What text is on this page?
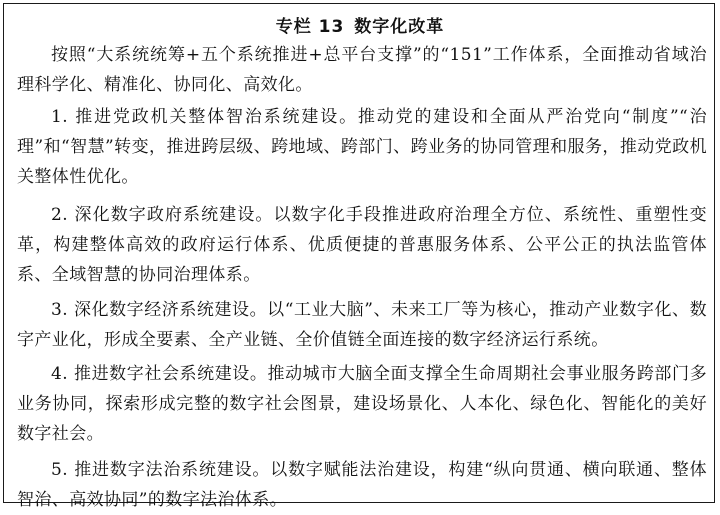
专栏 13 数字化改革

按照“大系统统筹+五个系统推进+总平台支撑”的“151”工作体系，全面推动省域治理科学化、精准化、协同化、高效化。

1. 推进党政机关整体智治系统建设。推动党的建设和全面从严治党向“制度”“治理”和“智慧”转变，推进跨层级、跨地域、跨部门、跨业务的协同管理和服务，推动党政机关整体性优化。

2. 深化数字政府系统建设。以数字化手段推进政府治理全方位、系统性、重塑性变革，构建整体高效的政府运行体系、优质便捷的普惠服务体系、公平公正的执法监管体系、全域智慧的协同治理体系。

3. 深化数字经济系统建设。以“工业大脑”、未来工厂等为核心，推动产业数字化、数字产业化，形成全要素、全产业链、全价值链全面连接的数字经济运行系统。

4. 推进数字社会系统建设。推动城市大脑全面支撑全生命周期社会事业服务跨部门多业务协同，探索形成完整的数字社会图景，建设场景化、人本化、绿色化、智能化的美好数字社会。

5. 推进数字法治系统建设。以数字赋能法治建设，构建“纵向贯通、横向联通、整体智治、高效协同”的数字法治体系。
